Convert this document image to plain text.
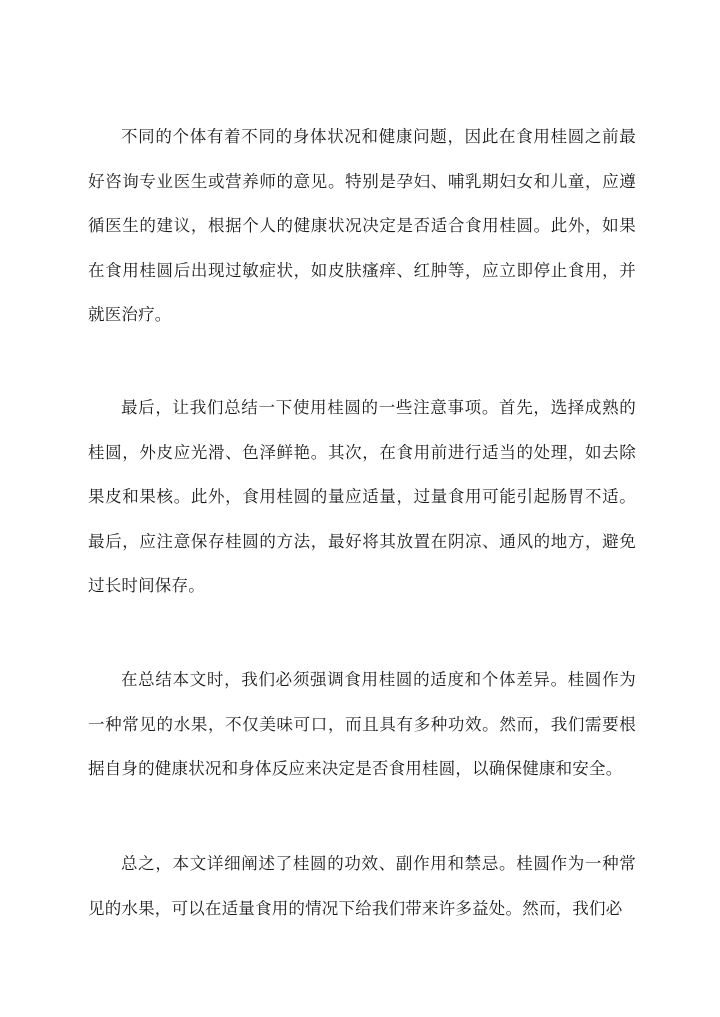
不同的个体有着不同的身体状况和健康问题，因此在食用桂圆之前最好咨询专业医生或营养师的意见。特别是孕妇、哺乳期妇女和儿童，应遵循医生的建议，根据个人的健康状况决定是否适合食用桂圆。此外，如果在食用桂圆后出现过敏症状，如皮肤瘙痒、红肿等，应立即停止食用，并就医治疗。

最后，让我们总结一下使用桂圆的一些注意事项。首先，选择成熟的桂圆，外皮应光滑、色泽鲜艳。其次，在食用前进行适当的处理，如去除果皮和果核。此外，食用桂圆的量应适量，过量食用可能引起肠胃不适。最后，应注意保存桂圆的方法，最好将其放置在阴凉、通风的地方，避免过长时间保存。

在总结本文时，我们必须强调食用桂圆的适度和个体差异。桂圆作为一种常见的水果，不仅美味可口，而且具有多种功效。然而，我们需要根据自身的健康状况和身体反应来决定是否食用桂圆，以确保健康和安全。

总之，本文详细阐述了桂圆的功效、副作用和禁忌。桂圆作为一种常见的水果，可以在适量食用的情况下给我们带来许多益处。然而，我们必
